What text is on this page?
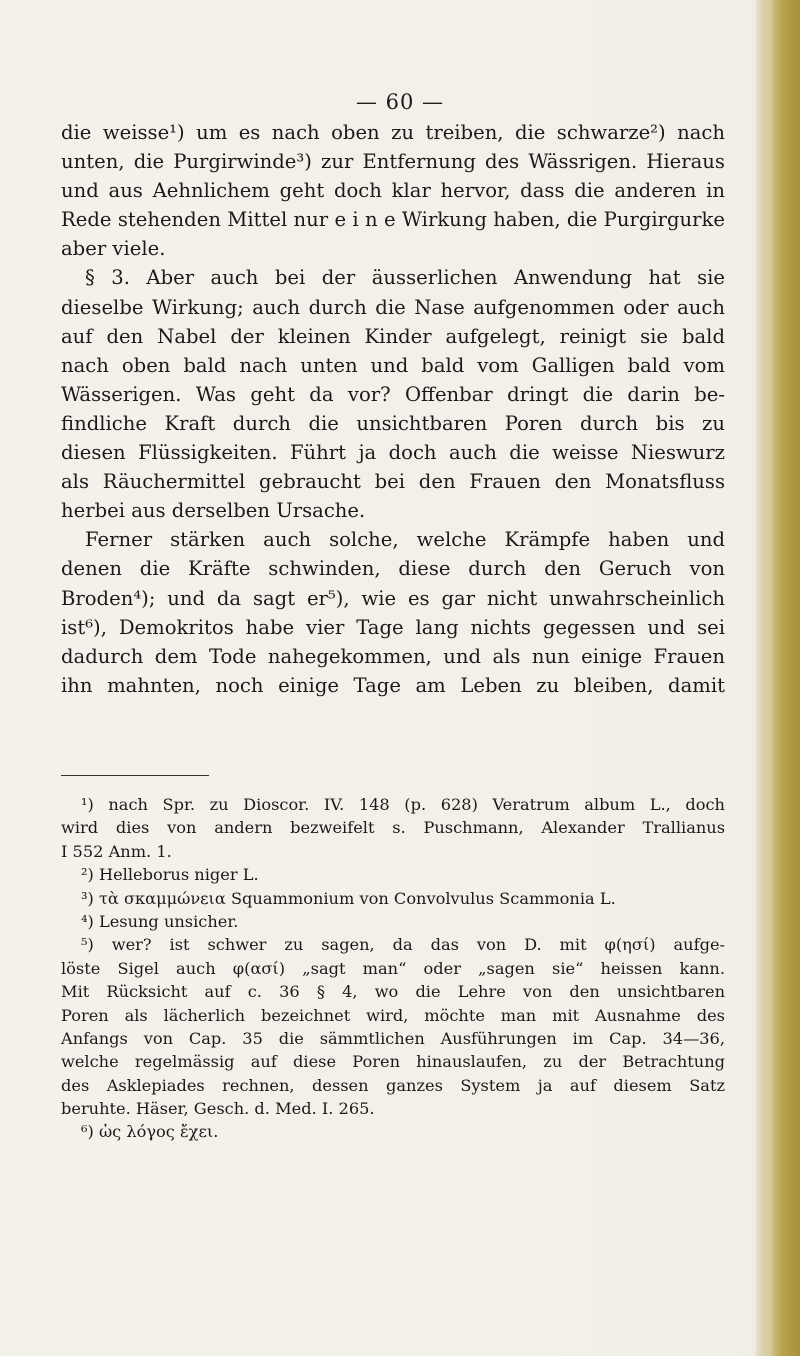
— 60 —
die weisse¹) um es nach oben zu treiben, die schwarze²) nach
unten, die Purgirwinde³) zur Entfernung des Wässrigen. Hieraus
und aus Aehnlichem geht doch klar hervor, dass die anderen in
Rede stehenden Mittel nur e i n e Wirkung haben, die Purgirgurke
aber viele.
§ 3. Aber auch bei der äusserlichen Anwendung hat sie
dieselbe Wirkung; auch durch die Nase aufgenommen oder auch
auf den Nabel der kleinen Kinder aufgelegt, reinigt sie bald
nach oben bald nach unten und bald vom Galligen bald vom
Wässerigen. Was geht da vor? Offenbar dringt die darin be-
findliche Kraft durch die unsichtbaren Poren durch bis zu
diesen Flüssigkeiten. Führt ja doch auch die weisse Nieswurz
als Räuchermittel gebraucht bei den Frauen den Monatsfluss
herbei aus derselben Ursache.
Ferner stärken auch solche, welche Krämpfe haben und
denen die Kräfte schwinden, diese durch den Geruch von
Broden⁴); und da sagt er⁵), wie es gar nicht unwahrscheinlich
ist⁶), Demokritos habe vier Tage lang nichts gegessen und sei
dadurch dem Tode nahegekommen, und als nun einige Frauen
ihn mahnten, noch einige Tage am Leben zu bleiben, damit
¹) nach Spr. zu Dioscor. IV. 148 (p. 628) Veratrum album L., doch
wird dies von andern bezweifelt s. Puschmann, Alexander Trallianus
I 552 Anm. 1.
²) Helleborus niger L.
³) τὰ σκαμμώνεια Squammonium von Convolvulus Scammonia L.
⁴) Lesung unsicher.
⁵) wer? ist schwer zu sagen, da das von D. mit φ(ησί) aufge-
löste Sigel auch φ(ασί) „sagt man“ oder „sagen sie“ heissen kann.
Mit Rücksicht auf c. 36 § 4, wo die Lehre von den unsichtbaren
Poren als lächerlich bezeichnet wird, möchte man mit Ausnahme des
Anfangs von Cap. 35 die sämmtlichen Ausführungen im Cap. 34—36,
welche regelmässig auf diese Poren hinauslaufen, zu der Betrachtung
des Asklepiades rechnen, dessen ganzes System ja auf diesem Satz
beruhte. Häser, Gesch. d. Med. I. 265.
⁶) ὡς λόγος ἔχει.
